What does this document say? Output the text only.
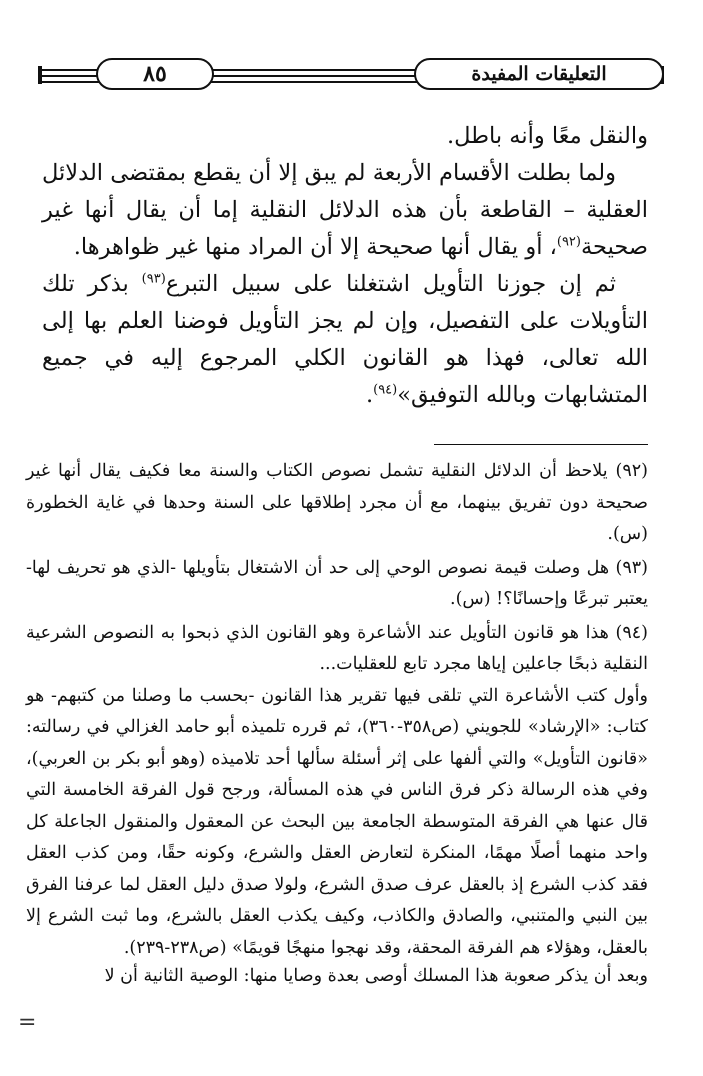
٨٥	التعليقات المفيدة

والنقل معًا وأنه باطل.

ولما بطلت الأقسام الأربعة لم يبق إلا أن يقطع بمقتضى الدلائل العقلية – القاطعة بأن هذه الدلائل النقلية إما أن يقال أنها غير صحيحة$^{(٩٢)}$، أو يقال أنها صحيحة إلا أن المراد منها غير ظواهرها.

ثم إن جوزنا التأويل اشتغلنا على سبيل التبرع$^{(٩٣)}$ بذكر تلك التأويلات على التفصيل، وإن لم يجز التأويل فوضنا العلم بها إلى الله تعالى، فهذا هو القانون الكلي المرجوع إليه في جميع المتشابهات وبالله التوفيق»$^{(٩٤)}$.

(٩٢) يلاحظ أن الدلائل النقلية تشمل نصوص الكتاب والسنة معا فكيف يقال أنها غير صحيحة دون تفريق بينهما، مع أن مجرد إطلاقها على السنة وحدها في غاية الخطورة (س).

(٩٣) هل وصلت قيمة نصوص الوحي إلى حد أن الاشتغال بتأويلها -الذي هو تحريف لها- يعتبر تبرعًا وإحسانًا؟! (س).

(٩٤) هذا هو قانون التأويل عند الأشاعرة وهو القانون الذي ذبحوا به النصوص الشرعية النقلية ذبحًا جاعلين إياها مجرد تابع للعقليات...

وأول كتب الأشاعرة التي تلقى فيها تقرير هذا القانون -بحسب ما وصلنا من كتبهم- هو كتاب: «الإرشاد» للجويني (ص٣٥٨-٣٦٠)، ثم قرره تلميذه أبو حامد الغزالي في رسالته: «قانون التأويل» والتي ألفها على إثر أسئلة سألها أحد تلاميذه (وهو أبو بكر بن العربي)، وفي هذه الرسالة ذكر فرق الناس في هذه المسألة، ورجح قول الفرقة الخامسة التي قال عنها هي الفرقة المتوسطة الجامعة بين البحث عن المعقول والمنقول الجاعلة كل واحد منهما أصلًا مهمًا، المنكرة لتعارض العقل والشرع، وكونه حقًا، ومن كذب العقل فقد كذب الشرع إذ بالعقل عرف صدق الشرع، ولولا صدق دليل العقل لما عرفنا الفرق بين النبي والمتنبي، والصادق والكاذب، وكيف يكذب العقل بالشرع، وما ثبت الشرع إلا بالعقل، وهؤلاء هم الفرقة المحقة، وقد نهجوا منهجًا قويمًا» (ص٢٣٨-٢٣٩).

وبعد أن يذكر صعوبة هذا المسلك أوصى بعدة وصايا منها: الوصية الثانية أن لا

=
